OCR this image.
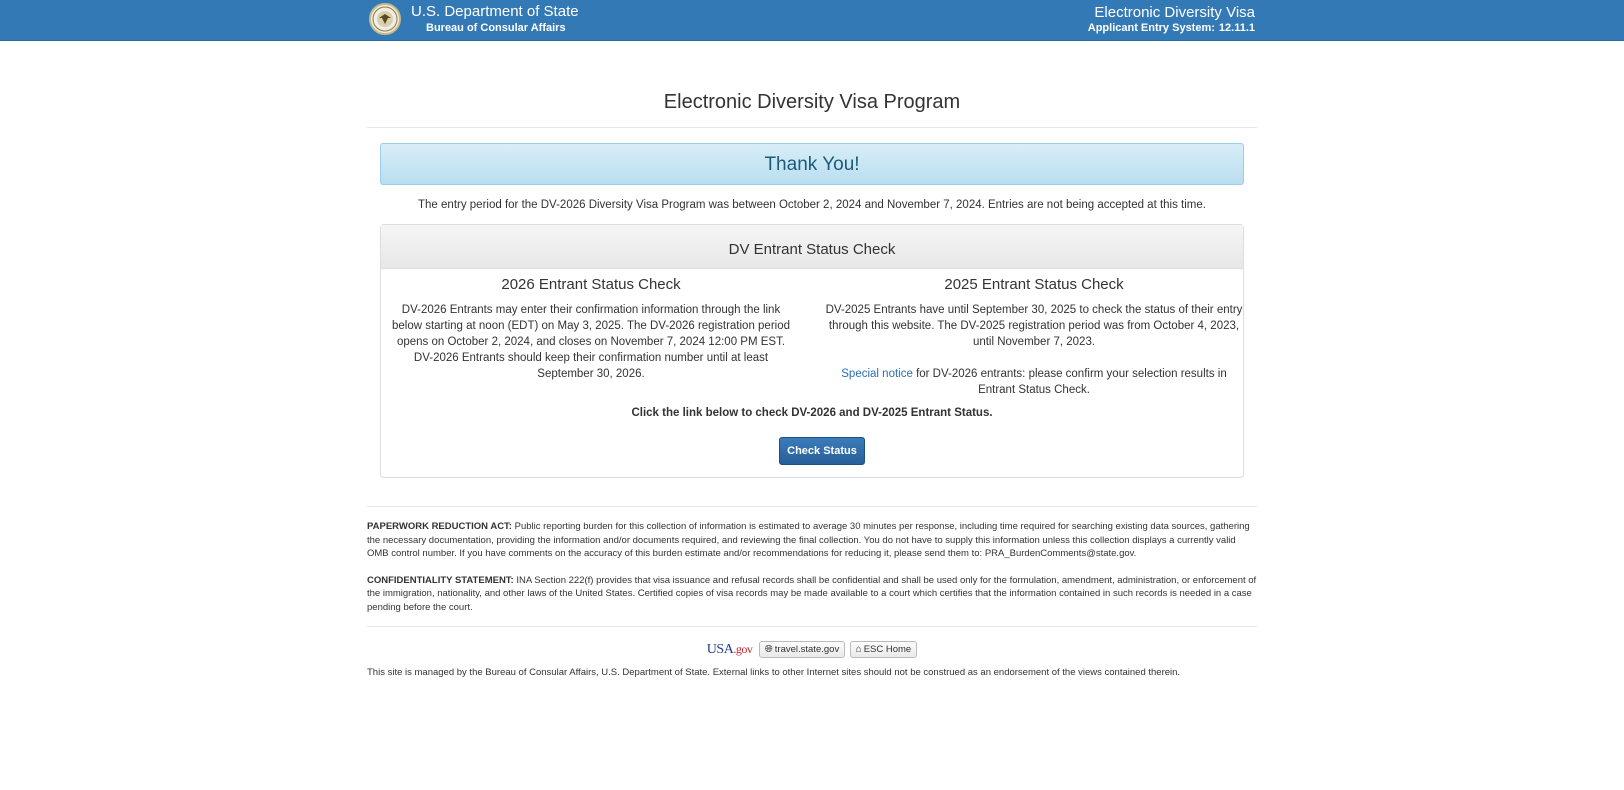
U.S. Department of State
Bureau of Consular Affairs
Electronic Diversity Visa
Applicant Entry System: 12.11.1
Electronic Diversity Visa Program
Thank You!
The entry period for the DV-2026 Diversity Visa Program was between October 2, 2024 and November 7, 2024. Entries are not being accepted at this time.
DV Entrant Status Check
2026 Entrant Status Check

DV-2026 Entrants may enter their confirmation information through the link below starting at noon (EDT) on May 3, 2025. The DV-2026 registration period opens on October 2, 2024, and closes on November 7, 2024 12:00 PM EST. DV-2026 Entrants should keep their confirmation number until at least September 30, 2026.

2025 Entrant Status Check

DV-2025 Entrants have until September 30, 2025 to check the status of their entry through this website. The DV-2025 registration period was from October 4, 2023, until November 7, 2023.

Special notice for DV-2026 entrants: please confirm your selection results in Entrant Status Check.

Click the link below to check DV-2026 and DV-2025 Entrant Status.
Check Status

PAPERWORK REDUCTION ACT: Public reporting burden for this collection of information is estimated to average 30 minutes per response, including time required for searching existing data sources, gathering the necessary documentation, providing the information and/or documents required, and reviewing the final collection. You do not have to supply this information unless this collection displays a currently valid OMB control number. If you have comments on the accuracy of this burden estimate and/or recommendations for reducing it, please send them to: PRA_BurdenComments@state.gov.

CONFIDENTIALITY STATEMENT: INA Section 222(f) provides that visa issuance and refusal records shall be confidential and shall be used only for the formulation, amendment, administration, or enforcement of the immigration, nationality, and other laws of the United States. Certified copies of visa records may be made available to a court which certifies that the information contained in such records is needed in a case pending before the court.

USA.gov 🌐︎ travel.state.gov ⌂ ESC Home
This site is managed by the Bureau of Consular Affairs, U.S. Department of State. External links to other Internet sites should not be construed as an endorsement of the views contained therein.
